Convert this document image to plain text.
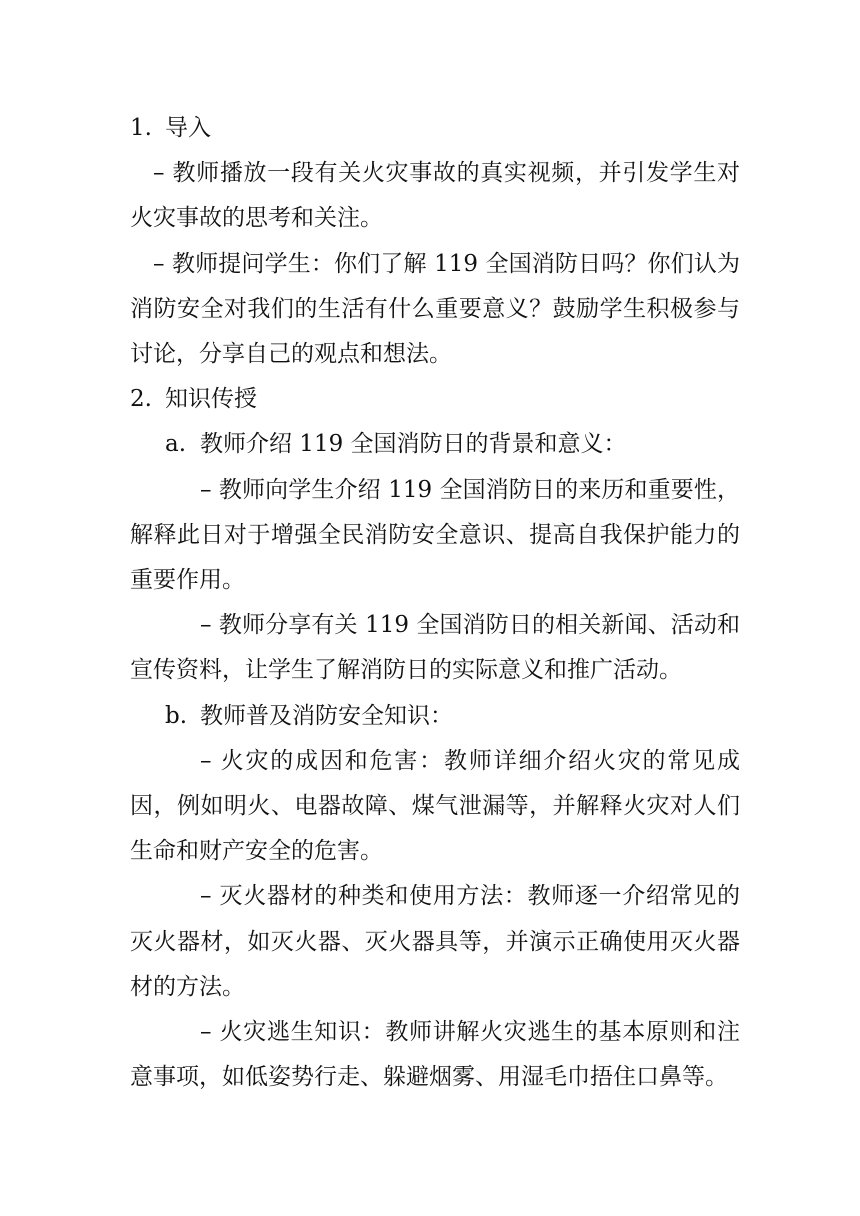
1. 导入
– 教师播放一段有关火灾事故的真实视频，并引发学生对火灾事故的思考和关注。
– 教师提问学生：你们了解 119 全国消防日吗？你们认为消防安全对我们的生活有什么重要意义？鼓励学生积极参与讨论，分享自己的观点和想法。
2. 知识传授
a. 教师介绍 119 全国消防日的背景和意义：
– 教师向学生介绍 119 全国消防日的来历和重要性，解释此日对于增强全民消防安全意识、提高自我保护能力的重要作用。
– 教师分享有关 119 全国消防日的相关新闻、活动和宣传资料，让学生了解消防日的实际意义和推广活动。
b. 教师普及消防安全知识：
– 火灾的成因和危害：教师详细介绍火灾的常见成因，例如明火、电器故障、煤气泄漏等，并解释火灾对人们生命和财产安全的危害。
– 灭火器材的种类和使用方法：教师逐一介绍常见的灭火器材，如灭火器、灭火器具等，并演示正确使用灭火器材的方法。
– 火灾逃生知识：教师讲解火灾逃生的基本原则和注意事项，如低姿势行走、躲避烟雾、用湿毛巾捂住口鼻等。
